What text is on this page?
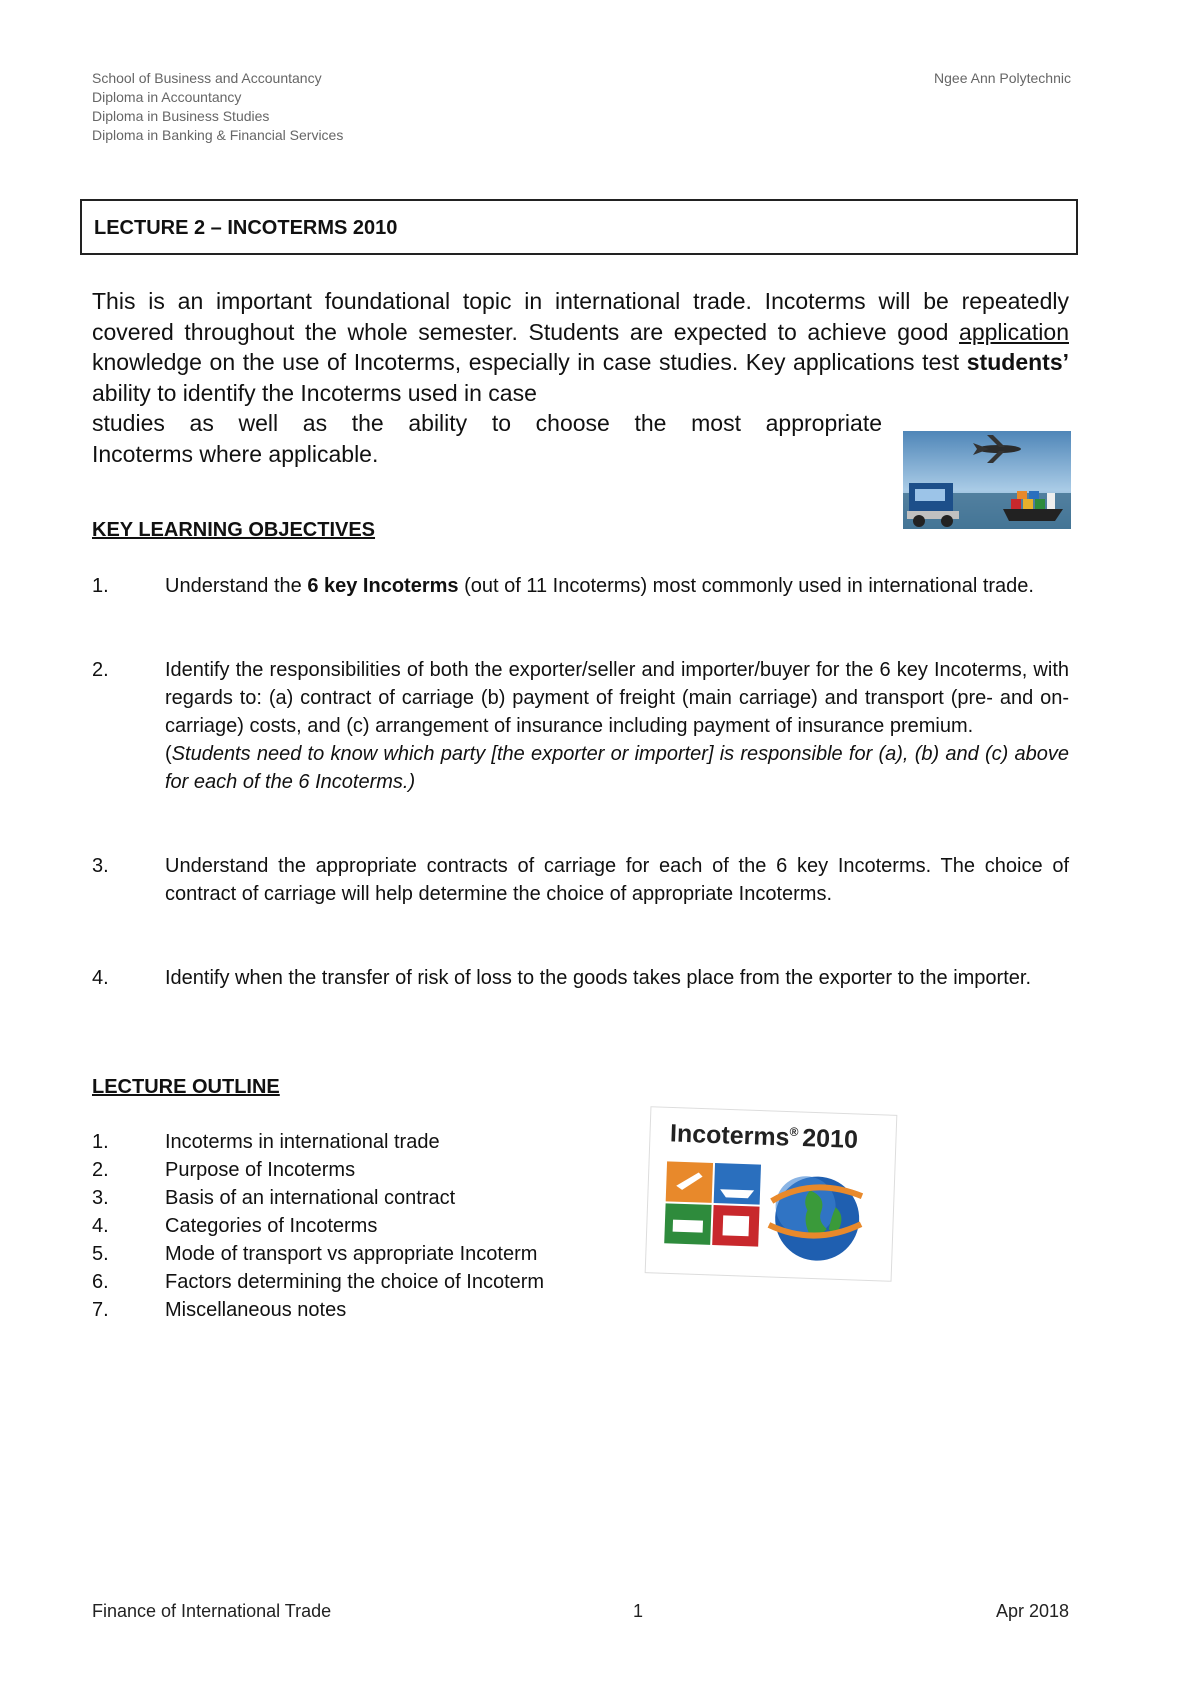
School of Business and Accountancy
Diploma in Accountancy
Diploma in Business Studies
Diploma in Banking & Financial Services
Ngee Ann Polytechnic
LECTURE 2 – INCOTERMS 2010

This is an important foundational topic in international trade. Incoterms will be repeatedly covered throughout the whole semester. Students are expected to achieve good application knowledge on the use of Incoterms, especially in case studies. Key applications test students’ ability to identify the Incoterms used in case

studies as well as the ability to choose the most appropriate

Incoterms where applicable.

KEY LEARNING OBJECTIVES
1.	Understand the 6 key Incoterms (out of 11 Incoterms) most commonly used in international trade.
2.	Identify the responsibilities of both the exporter/seller and importer/buyer for the 6 key Incoterms, with regards to: (a) contract of carriage (b) payment of freight (main carriage) and transport (pre- and on- carriage) costs, and (c) arrangement of insurance including payment of insurance premium.
(Students need to know which party [the exporter or importer] is responsible for (a), (b) and (c) above for each of the 6 Incoterms.)
3.	Understand the appropriate contracts of carriage for each of the 6 key Incoterms. The choice of contract of carriage will help determine the choice of appropriate Incoterms.
4.	Identify when the transfer of risk of loss to the goods takes place from the exporter to the importer.
LECTURE OUTLINE
1.	Incoterms in international trade
2.	Purpose of Incoterms
3.	Basis of an international contract
4.	Categories of Incoterms
5.	Mode of transport vs appropriate Incoterm
6.	Factors determining the choice of Incoterm
7.	Miscellaneous notes
Incoterms® 2010
Finance of International Trade	1	Apr 2018
